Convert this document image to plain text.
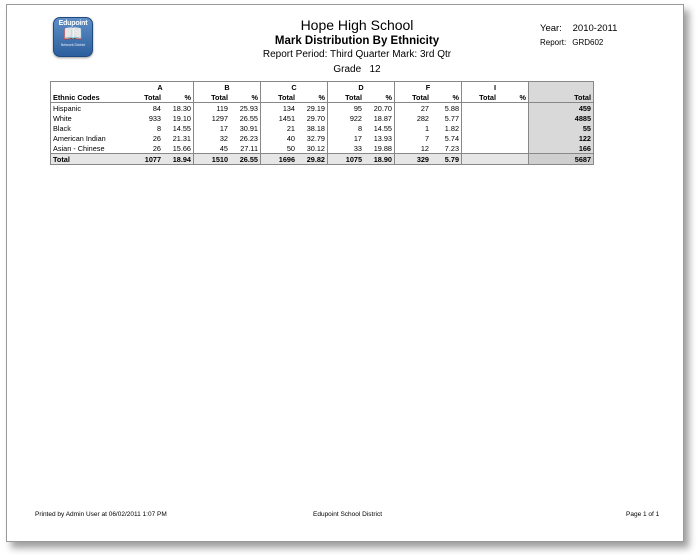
Edupoint
📖
Network District
Hope High School
Mark Distribution By Ethnicity
Report Period: Third Quarter Mark: 3rd Qtr
Grade 12
Year: 2010-2011
Report: GRD602
	A		B		C		D		F		I		
Ethnic Codes	Total	%	Total	%	Total	%	Total	%	Total	%	Total	%	Total
Hispanic	84	18.30	119	25.93	134	29.19	95	20.70	27	5.88			459
White	933	19.10	1297	26.55	1451	29.70	922	18.87	282	5.77			4885
Black	8	14.55	17	30.91	21	38.18	8	14.55	1	1.82			55
American Indian	26	21.31	32	26.23	40	32.79	17	13.93	7	5.74			122
Asian - Chinese	26	15.66	45	27.11	50	30.12	33	19.88	12	7.23			166
Total	1077	18.94	1510	26.55	1696	29.82	1075	18.90	329	5.79			5687
Printed by Admin User at 06/02/2011 1:07 PM	Edupoint School District	Page 1 of 1
